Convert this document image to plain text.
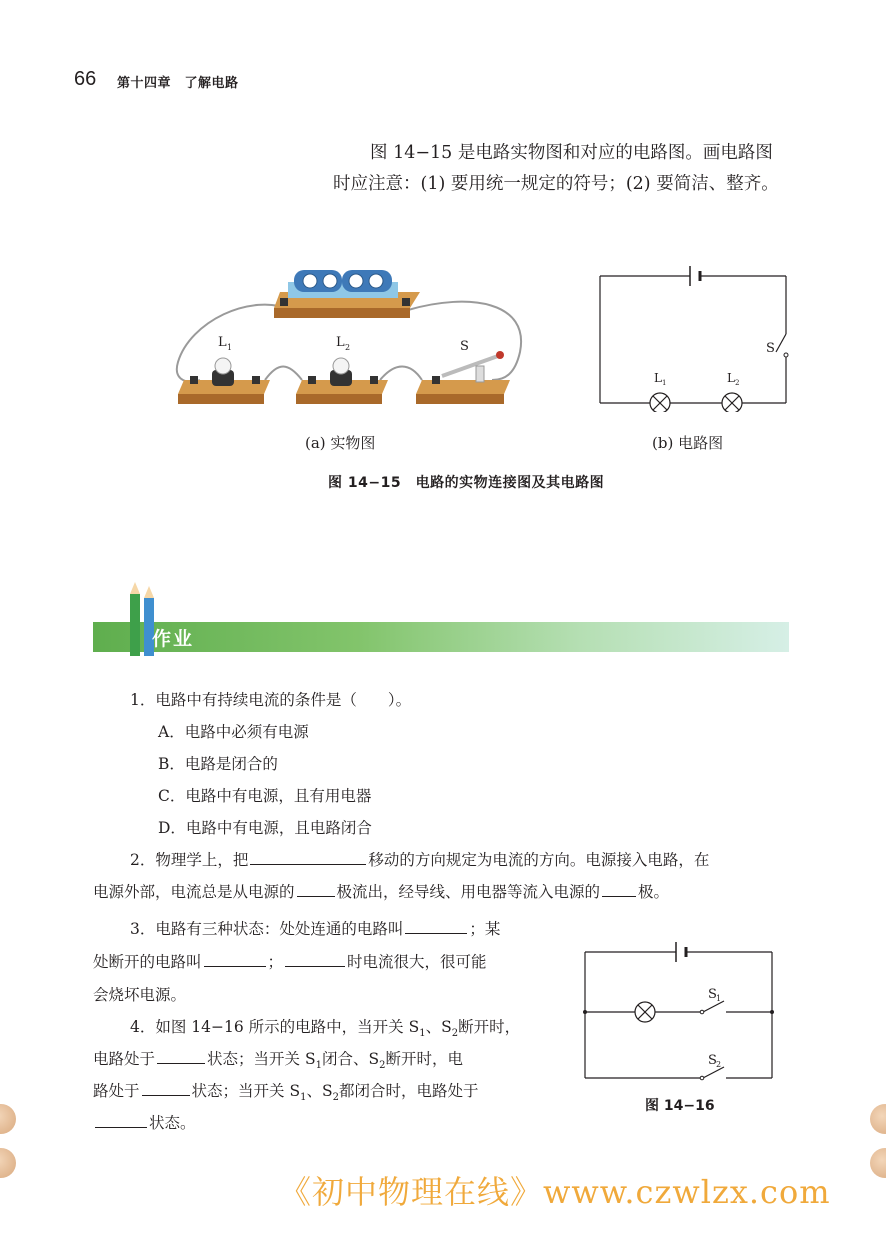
66 第十四章　了解电路

图 14−15 是电路实物图和对应的电路图。画电路图时应注意：(1) 要用统一规定的符号；(2) 要简洁、整齐。

L 1	L 2	S	S
L 1	L 2
(a) 实物图	(b) 电路图
图 14−15　电路的实物连接图及其电路图
作业
1．电路中有持续电流的条件是（　　）。
A．电路中必须有电源
B．电路是闭合的
C．电路中有电源，且有用电器
D．电路中有电源，且电路闭合
2．物理学上，把	移动的方向规定为电流的方向。电源接入电路，在
电源外部，电流总是从电源的	极流出，经导线、用电器等流入电源的 极。
3．电路有三种状态：处处连通的电路叫	；某
处断开的电路叫	；	时电流很大，很可能
会烧坏电源。
4．如图 14−16 所示的电路中，当开关 $S_1$、$S_2$断开时，
电路处于	状态；当开关 $S_1$闭合、$S_2$断开时，电
路处于	状态；当开关 $S_1$、$S_2$都闭合时，电路处于
状态。
S 1
S 2
图 14−16
《初中物理在线》www.czwlzx.com
